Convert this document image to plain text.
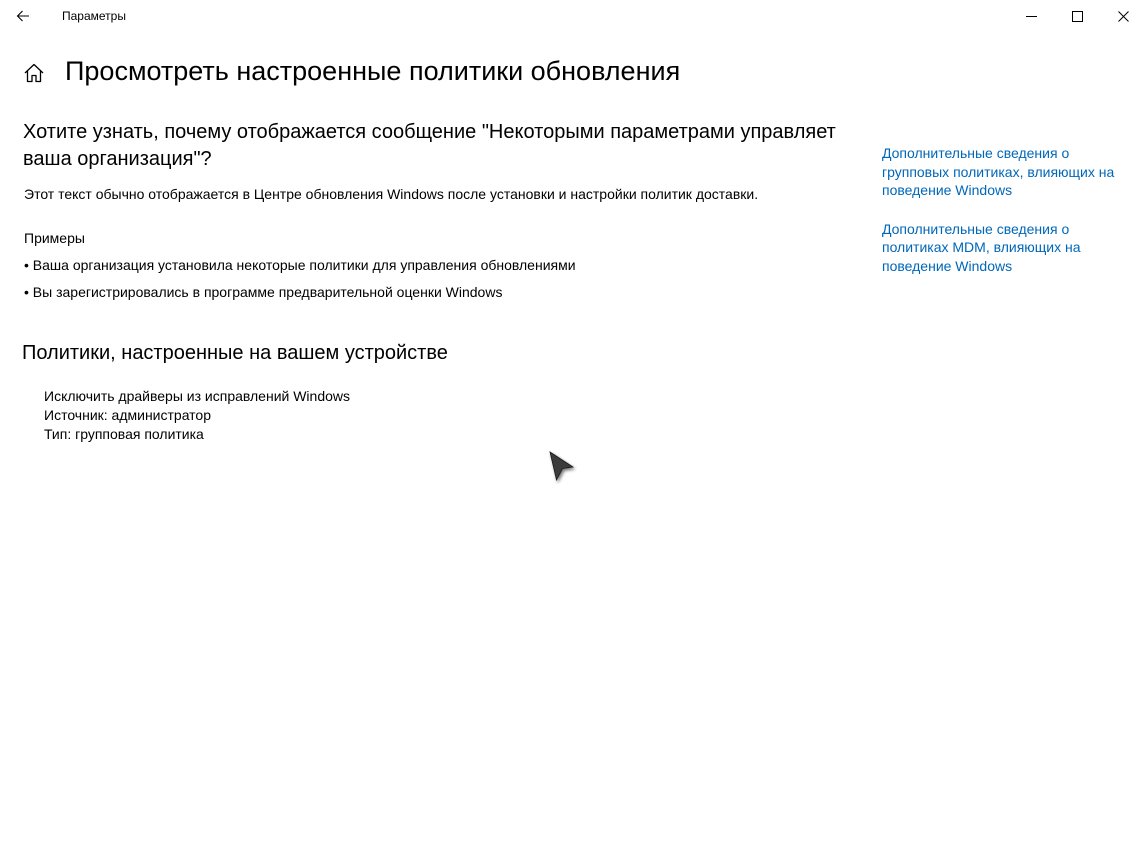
Параметры
Просмотреть настроенные политики обновления
Хотите узнать, почему отображается сообщение "Некоторыми параметрами управляет ваша организация"?
Этот текст обычно отображается в Центре обновления Windows после установки и настройки политик доставки.
Примеры
• Ваша организация установила некоторые политики для управления обновлениями
• Вы зарегистрировались в программе предварительной оценки Windows
Политики, настроенные на вашем устройстве
Исключить драйверы из исправлений Windows
Источник: администратор
Тип: групповая политика
Дополнительные сведения о групповых политиках, влияющих на поведение Windows
Дополнительные сведения о политиках MDM, влияющих на поведение Windows
